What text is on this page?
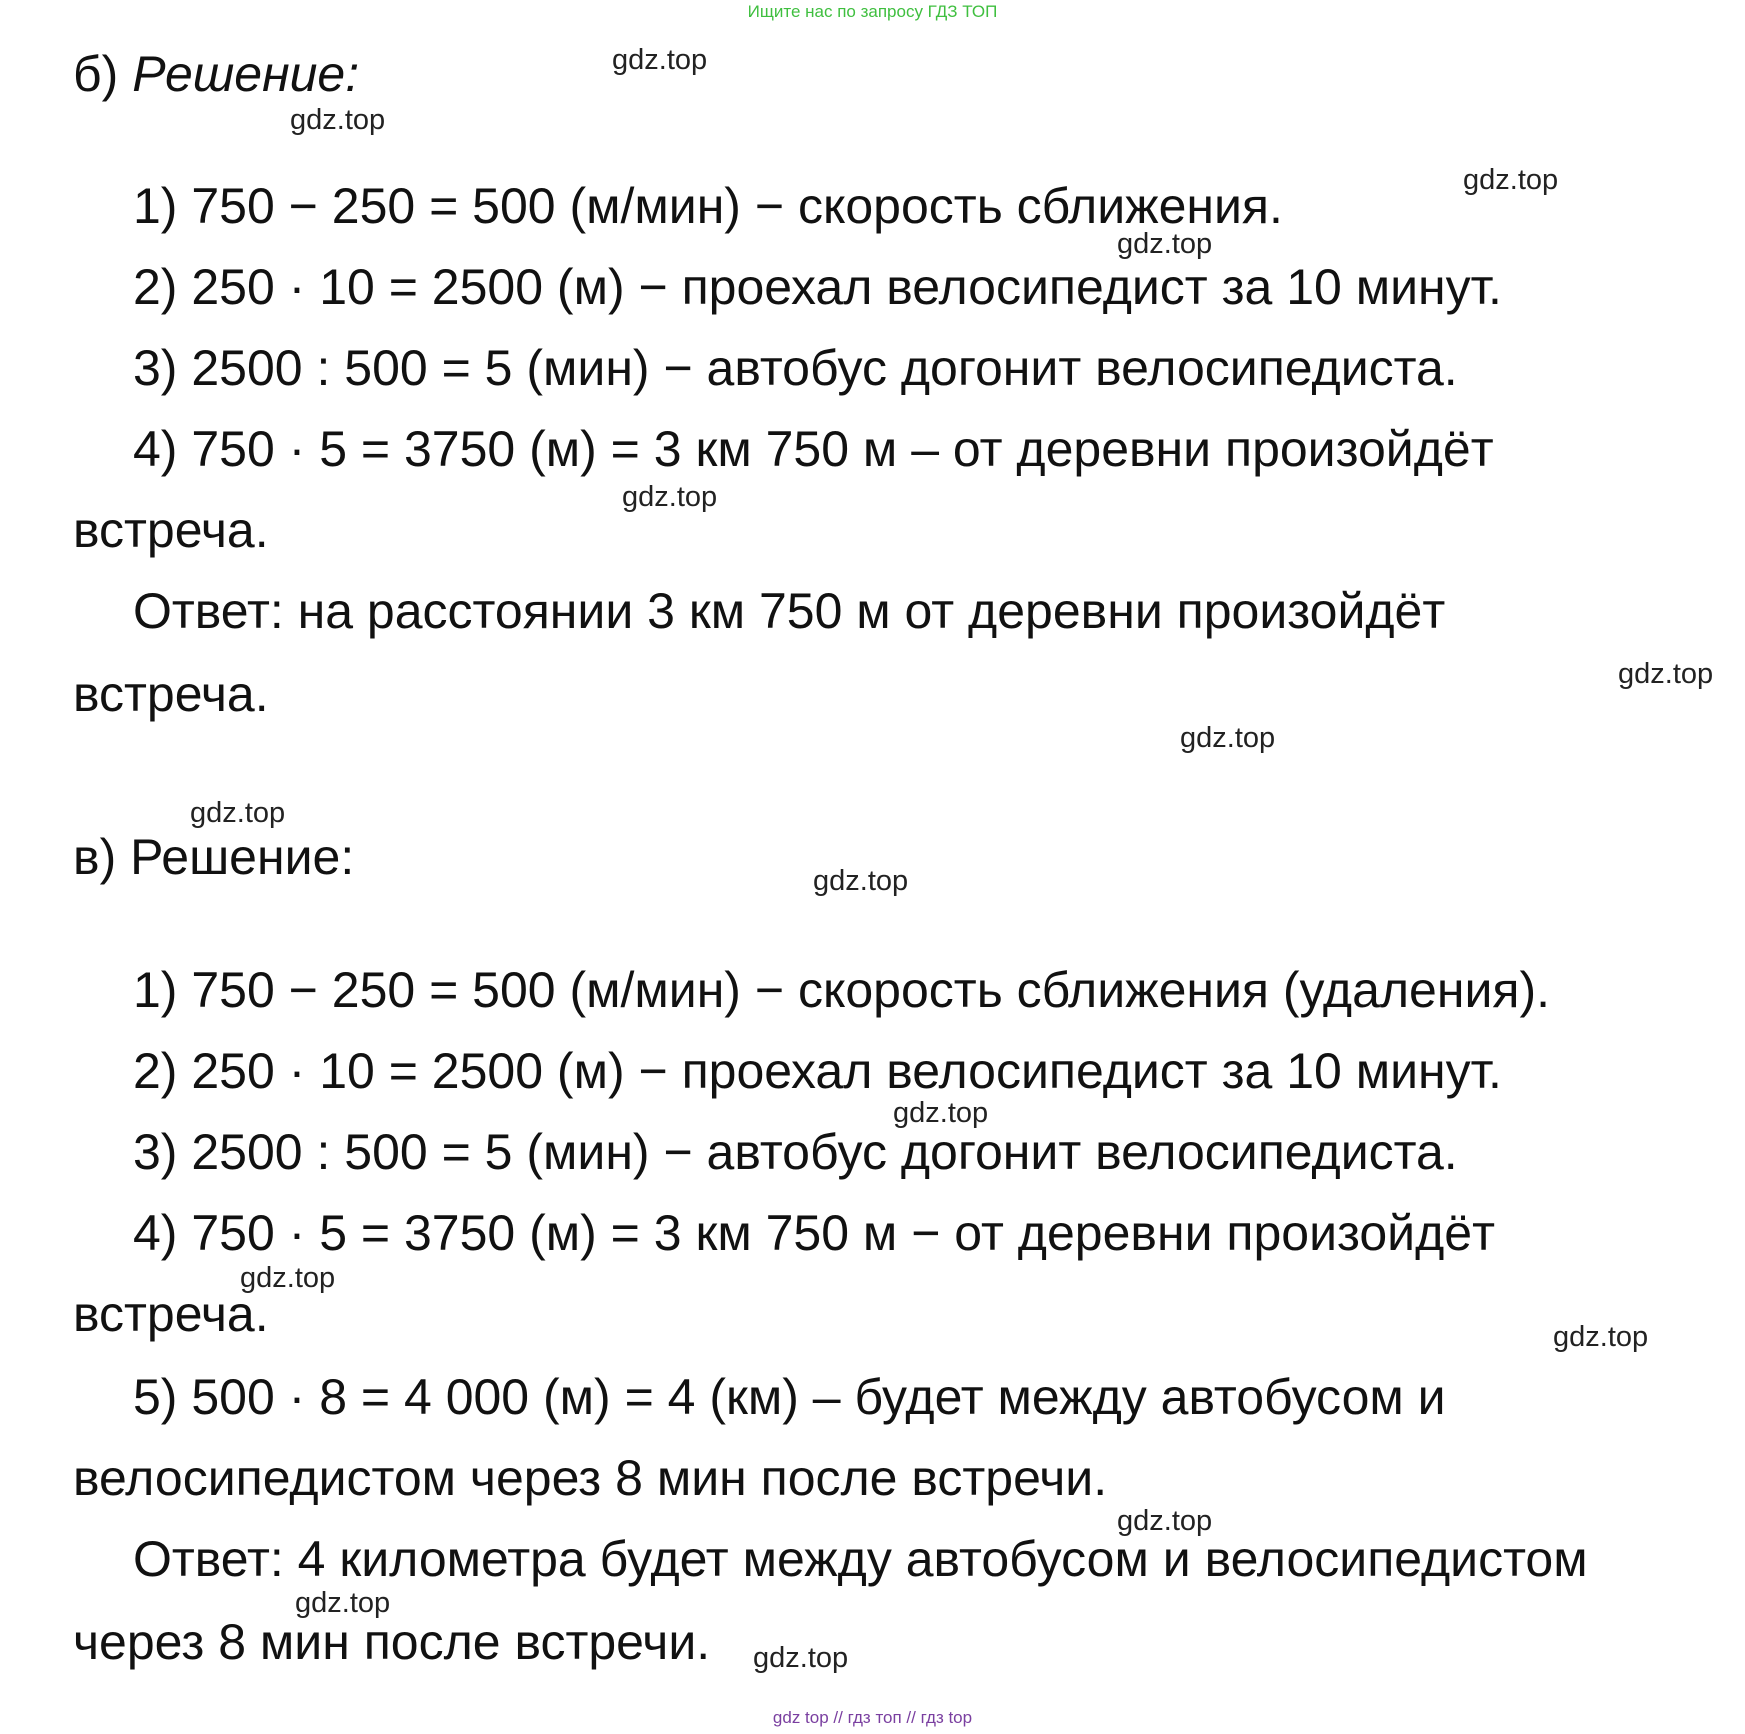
Ищите нас по запросу ГДЗ ТОП
б) Решение:
1) 750 − 250 = 500 (м/мин) − скорость сближения.
2) 250 · 10 = 2500 (м) − проехал велосипедист за 10 минут.
3) 2500 : 500 = 5 (мин) − автобус догонит велосипедиста.
4) 750 · 5 = 3750 (м) = 3 км 750 м – от деревни произойдёт
встреча.
Ответ: на расстоянии 3 км 750 м от деревни произойдёт
встреча.
в) Решение:
1) 750 − 250 = 500 (м/мин) − скорость сближения (удаления).
2) 250 · 10 = 2500 (м) − проехал велосипедист за 10 минут.
3) 2500 : 500 = 5 (мин) − автобус догонит велосипедиста.
4) 750 · 5 = 3750 (м) = 3 км 750 м − от деревни произойдёт
встреча.
5) 500 · 8 = 4 000 (м) = 4 (км) – будет между автобусом и
велосипедистом через 8 мин после встречи.
Ответ: 4 километра будет между автобусом и велосипедистом
через 8 мин после встречи.
gdz.top
gdz.top
gdz.top
gdz.top
gdz.top
gdz.top
gdz.top
gdz.top
gdz.top
gdz.top
gdz.top
gdz.top
gdz.top
gdz.top
gdz.top
gdz top // гдз топ // гдз top
